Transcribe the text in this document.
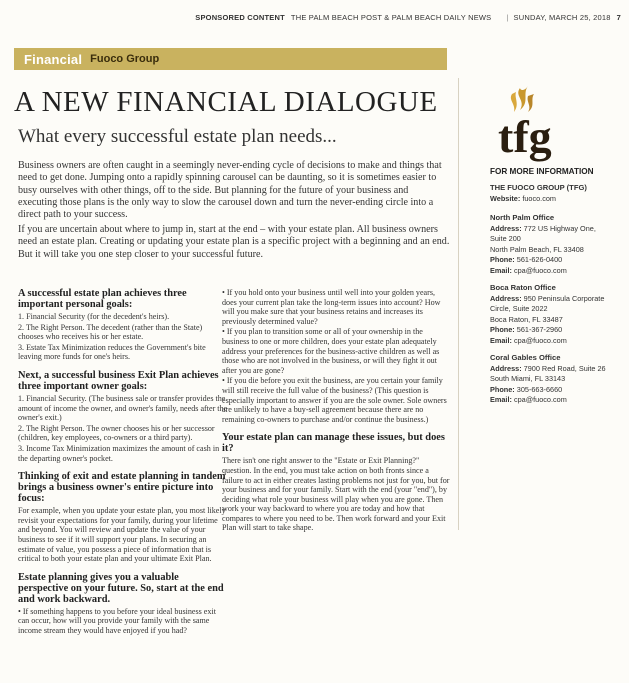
SPONSORED CONTENT THE PALM BEACH POST & PALM BEACH DAILY NEWS | SUNDAY, MARCH 25, 2018 7
Financial Fuoco Group
A NEW FINANCIAL DIALOGUE
What every successful estate plan needs...
Business owners are often caught in a seemingly never-ending cycle of decisions to make and things that need to get done. Jumping onto a rapidly spinning carousel can be daunting, so it is sometimes easier to busy ourselves with other things, off to the side. But planning for the future of your business and executing those plans is the only way to slow the carousel down and turn the never-ending circle into a direct path to your success.
If you are uncertain about where to jump in, start at the end – with your estate plan. All business owners need an estate plan. Creating or updating your estate plan is a specific project with a beginning and an end. But it will take you one step closer to your successful future.
A successful estate plan achieves three important personal goals:

1. Financial Security (for the decedent's heirs).

2. The Right Person. The decedent (rather than the State) chooses who receives his or her estate.

3. Estate Tax Minimization reduces the Government's bite leaving more funds for one's heirs.

Next, a successful business Exit Plan achieves three important owner goals:

1. Financial Security. (The business sale or transfer provides the amount of income the owner, and owner's family, needs after the owner's exit.)

2. The Right Person. The owner chooses his or her successor (children, key employees, co-owners or a third party).

3. Income Tax Minimization maximizes the amount of cash in the departing owner's pocket.

Thinking of exit and estate planning in tandem brings a business owner's entire picture into focus:

For example, when you update your estate plan, you most likely revisit your expectations for your family, during your lifetime and beyond. You will review and update the value of your business to see if it will support your plans. In securing an estimate of value, you possess a piece of information that is critical to both your estate plan and your ultimate Exit Plan.

Estate planning gives you a valuable perspective on your future. So, start at the end and work backward.

• If something happens to you before your ideal business exit can occur, how will you provide your family with the same income stream they would have enjoyed if you had?

• If you hold onto your business until well into your golden years, does your current plan take the long-term issues into account? How will you make sure that your business retains and increases its previously determined value?

• If you plan to transition some or all of your ownership in the business to one or more children, does your estate plan adequately address your preferences for the business-active children as well as those who are not involved in the business, or will they fight it out after you are gone?

• If you die before you exit the business, are you certain your family will still receive the full value of the business? (This question is especially important to answer if you are the sole owner. Sole owners are unlikely to have a buy-sell agreement because there are no remaining co-owners to purchase and/or continue the business.)

Your estate plan can manage these issues, but does it?

There isn't one right answer to the "Estate or Exit Planning?" question. In the end, you must take action on both fronts since a failure to act in either creates lasting problems not just for you, but for your business and for your family. Start with the end (your "end"), by deciding what role your business will play when you are gone. Then work your way backward to where you are today and how that compares to where you need to be. Then work forward and your Exit Plan will start to take shape.

tfg
FOR MORE INFORMATION
THE FUOCO GROUP (TFG)
Website: fuoco.com
North Palm Office
Address: 772 US Highway One,
Suite 200
North Palm Beach, FL 33408
Phone: 561-626-0400
Email: cpa@fuoco.com
Boca Raton Office
Address: 950 Peninsula Corporate
Circle, Suite 2022
Boca Raton, FL 33487
Phone: 561-367-2960
Email: cpa@fuoco.com
Coral Gables Office
Address: 7900 Red Road, Suite 26
South Miami, FL 33143
Phone: 305-663-6660
Email: cpa@fuoco.com
